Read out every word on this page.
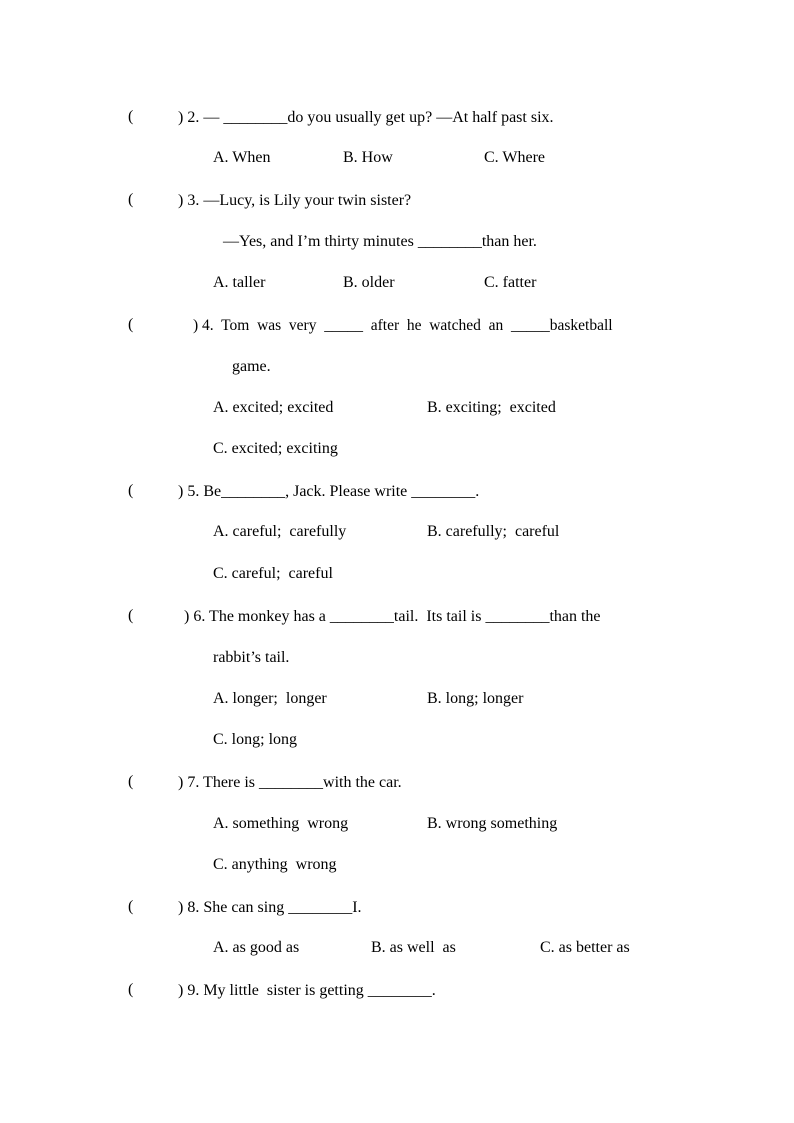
(	) 2. — ________do you usually get up? —At half past six.
A. When	B. How	C. Where
(	) 3. —Lucy, is Lily your twin sister?
—Yes, and I’m thirty minutes ________than her.
A. taller	B. older	C. fatter
(	) 4.  Tom  was  very  _____  after  he  watched  an  _____basketball
game.
A. excited; excited	B. exciting;  excited
C. excited; exciting
(	) 5. Be________, Jack. Please write ________.
A. careful;  carefully	B. carefully;  careful
C. careful;  careful
(	) 6. The monkey has a ________tail.  Its tail is ________than the
rabbit’s tail.
A. longer;  longer	B. long; longer
C. long; long
(	) 7. There is ________with the car.
A. something  wrong	B. wrong something
C. anything  wrong
(	) 8. She can sing ________I.
A. as good as	B. as well  as	C. as better as
(	) 9. My little  sister is getting ________.
